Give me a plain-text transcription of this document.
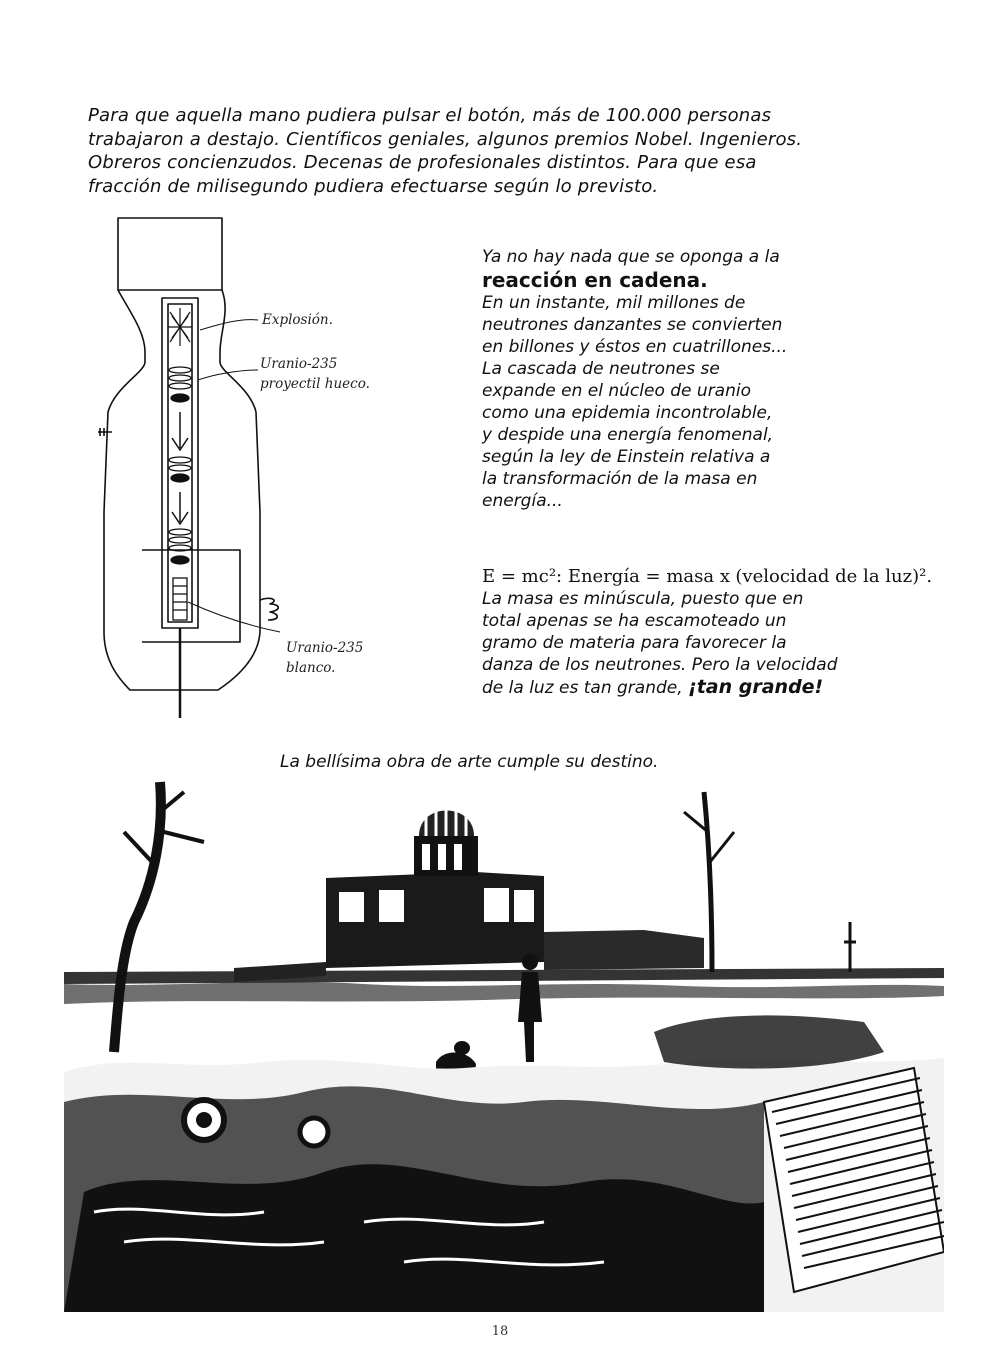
Para que aquella mano pudiera pulsar el botón, más de 100.000 personas
trabajaron a destajo. Científicos geniales, algunos premios Nobel. Ingenieros.
Obreros concienzudos. Decenas de profesionales distintos. Para que esa
fracción de milisegundo pudiera efectuarse según lo previsto.
Explosión.
Uranio-235
proyectil hueco.
Uranio-235
blanco.
Ya no hay nada que se oponga a la
reacción en cadena.
En un instante, mil millones de
neutrones danzantes se convierten
en billones y éstos en cuatrillones...
La cascada de neutrones se
expande en el núcleo de uranio
como una epidemia incontrolable,
y despide una energía fenomenal,
según la ley de Einstein relativa a
la transformación de la masa en
energía...
E = mc²: Energía = masa x (velocidad de la luz)².
La masa es minúscula, puesto que en
total apenas se ha escamoteado un
gramo de materia para favorecer la
danza de los neutrones. Pero la velocidad
de la luz es tan grande, ¡tan grande!
La bellísima obra de arte cumple su destino.
18
